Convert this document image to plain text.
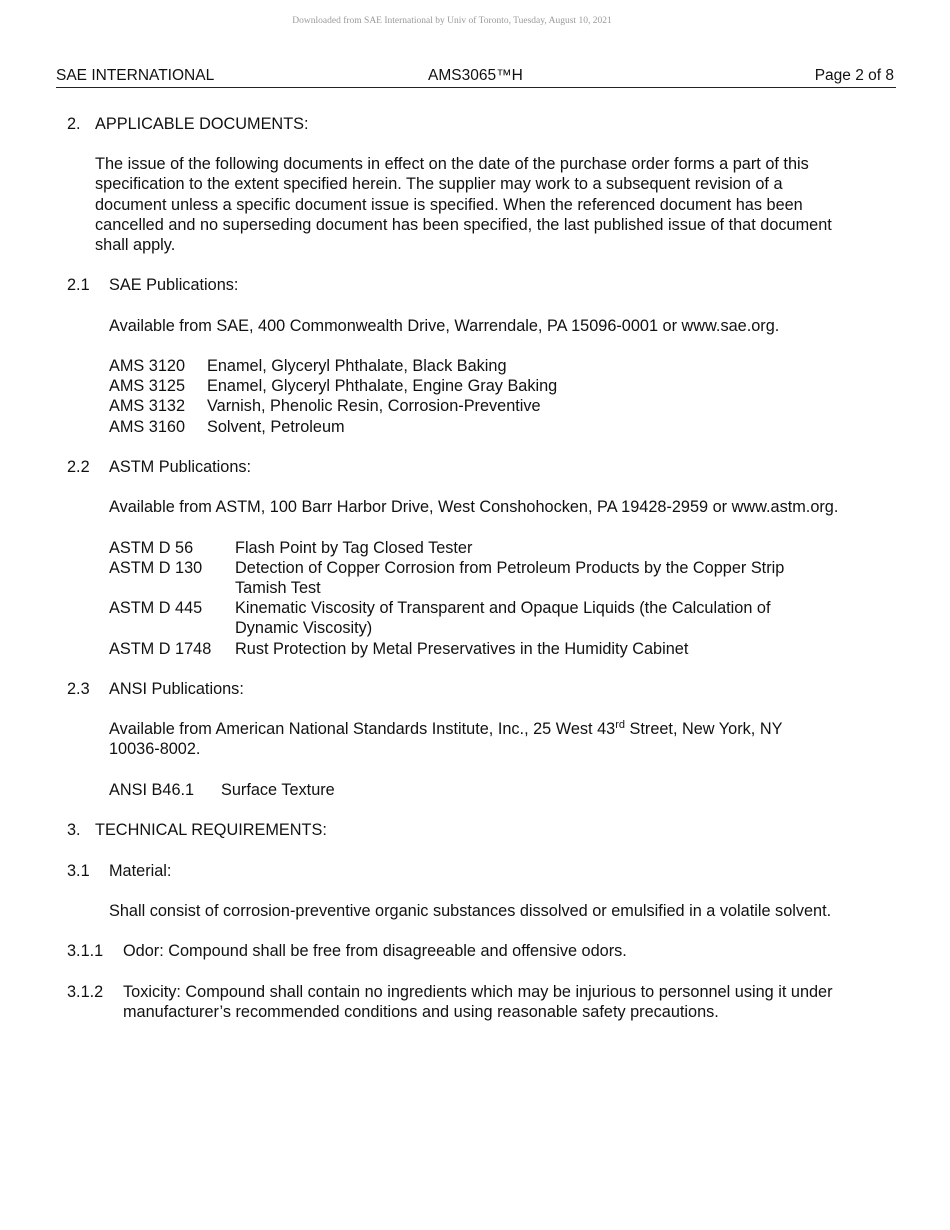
Downloaded from SAE International by Univ of Toronto, Tuesday, August 10, 2021
SAE INTERNATIONAL	AMS3065™H	Page 2 of 8
2. APPLICABLE DOCUMENTS:
The issue of the following documents in effect on the date of the purchase order forms a part of this
specification to the extent specified herein. The supplier may work to a subsequent revision of a
document unless a specific document issue is specified. When the referenced document has been
cancelled and no superseding document has been specified, the last published issue of that document
shall apply.
2.1 SAE Publications:
Available from SAE, 400 Commonwealth Drive, Warrendale, PA 15096-0001 or www.sae.org.
AMS 3120 Enamel, Glyceryl Phthalate, Black Baking
AMS 3125 Enamel, Glyceryl Phthalate, Engine Gray Baking
AMS 3132 Varnish, Phenolic Resin, Corrosion-Preventive
AMS 3160 Solvent, Petroleum
2.2 ASTM Publications:
Available from ASTM, 100 Barr Harbor Drive, West Conshohocken, PA 19428-2959 or www.astm.org.
ASTM D 56	Flash Point by Tag Closed Tester
ASTM D 130 Detection of Copper Corrosion from Petroleum Products by the Copper Strip
Tamish Test
ASTM D 445 Kinematic Viscosity of Transparent and Opaque Liquids (the Calculation of
Dynamic Viscosity)
ASTM D 1748 Rust Protection by Metal Preservatives in the Humidity Cabinet
2.3 ANSI Publications:
Available from American National Standards Institute, Inc., 25 West 43rd Street, New York, NY
10036-8002.
ANSI B46.1 Surface Texture
3. TECHNICAL REQUIREMENTS:
3.1 Material:
Shall consist of corrosion-preventive organic substances dissolved or emulsified in a volatile solvent.
3.1.1 Odor: Compound shall be free from disagreeable and offensive odors.
3.1.2 Toxicity: Compound shall contain no ingredients which may be injurious to personnel using it under
manufacturer’s recommended conditions and using reasonable safety precautions.
